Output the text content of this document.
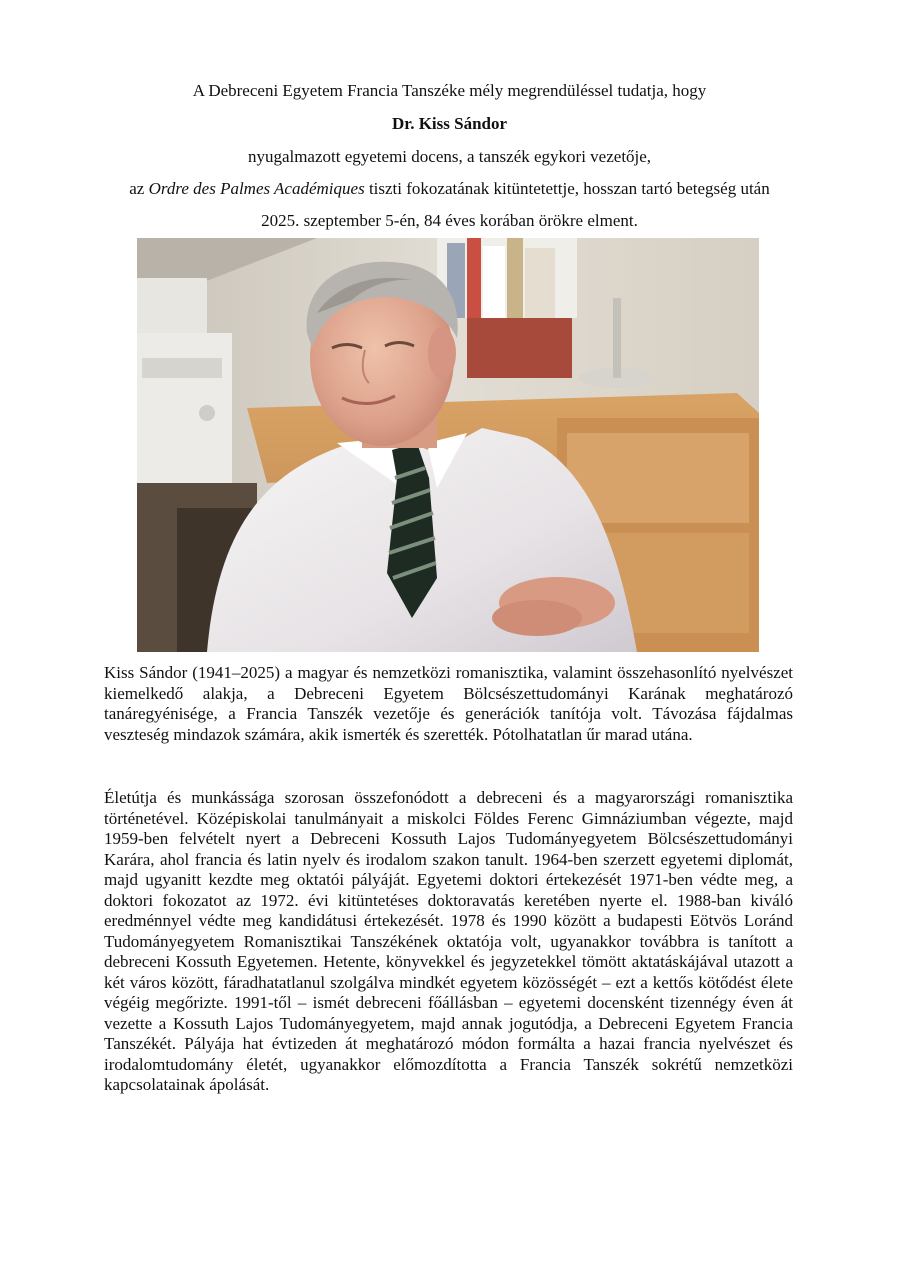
A Debreceni Egyetem Francia Tanszéke mély megrendüléssel tudatja, hogy
Dr. Kiss Sándor
nyugalmazott egyetemi docens, a tanszék egykori vezetője,
az Ordre des Palmes Académiques tiszti fokozatának kitüntetettje, hosszan tartó betegség után
2025. szeptember 5-én, 84 éves korában örökre elment.

Kiss Sándor (1941–2025) a magyar és nemzetközi romanisztika, valamint összehasonlító nyelvészet kiemelkedő alakja, a Debreceni Egyetem Bölcsészettudományi Karának meghatározó tanáregyénisége, a Francia Tanszék vezetője és generációk tanítója volt. Távozása fájdalmas veszteség mindazok számára, akik ismerték és szerették. Pótolhatatlan űr marad utána.

Életútja és munkássága szorosan összefonódott a debreceni és a magyarországi romanisztika történetével. Középiskolai tanulmányait a miskolci Földes Ferenc Gimnáziumban végezte, majd 1959-ben felvételt nyert a Debreceni Kossuth Lajos Tudományegyetem Bölcsészettudományi Karára, ahol francia és latin nyelv és irodalom szakon tanult. 1964-ben szerzett egyetemi diplomát, majd ugyanitt kezdte meg oktatói pályáját. Egyetemi doktori értekezését 1971-ben védte meg, a doktori fokozatot az 1972. évi kitüntetéses doktoravatás keretében nyerte el. 1988-ban kiváló eredménnyel védte meg kandidátusi értekezését. 1978 és 1990 között a budapesti Eötvös Loránd Tudományegyetem Romanisztikai Tanszékének oktatója volt, ugyanakkor továbbra is tanított a debreceni Kossuth Egyetemen. Hetente, könyvekkel és jegyzetekkel tömött aktatáskájával utazott a két város között, fáradhatatlanul szolgálva mindkét egyetem közösségét – ezt a kettős kötődést élete végéig megőrizte. 1991-től – ismét debreceni főállásban – egyetemi docensként tizennégy éven át vezette a Kossuth Lajos Tudományegyetem, majd annak jogutódja, a Debreceni Egyetem Francia Tanszékét. Pályája hat évtizeden át meghatározó módon formálta a hazai francia nyelvészet és irodalomtudomány életét, ugyanakkor előmozdította a Francia Tanszék sokrétű nemzetközi kapcsolatainak ápolását.
